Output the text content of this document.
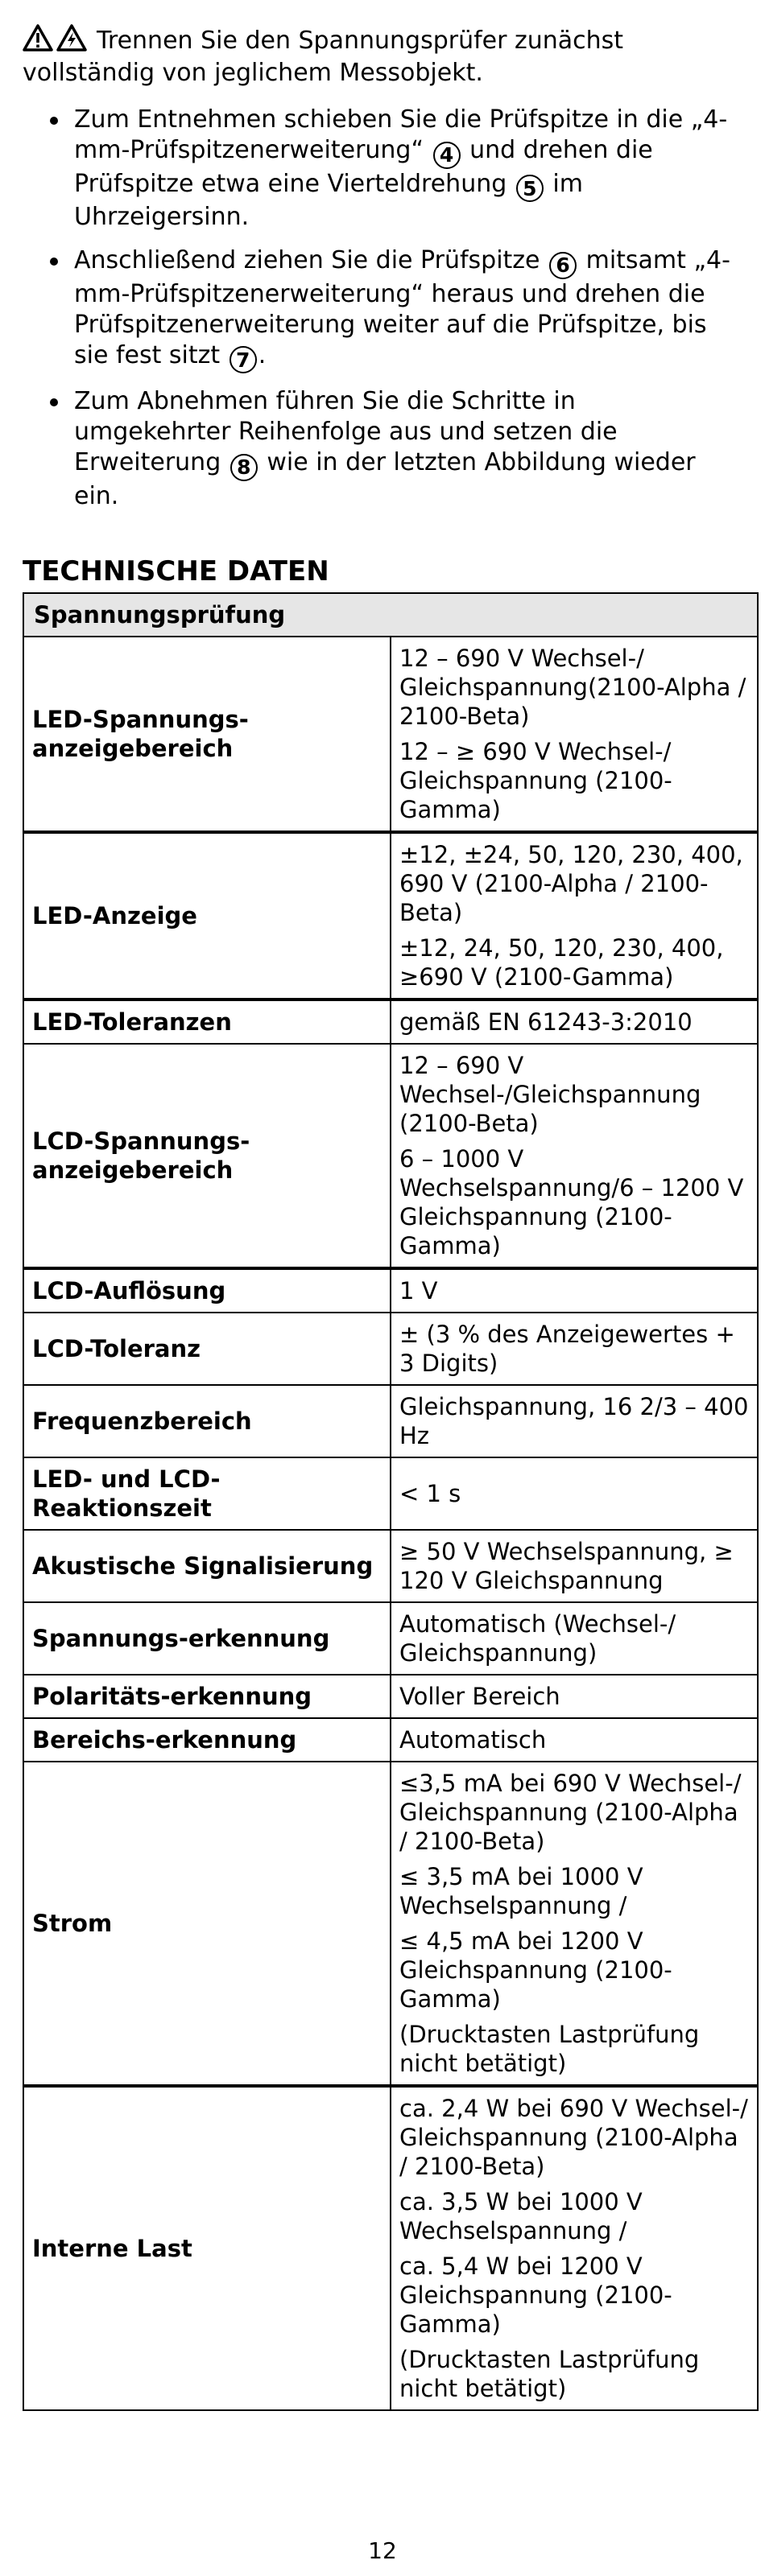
Trennen Sie den Spannungsprüfer zunächst vollständig von jeglichem Messobjekt.
Zum Entnehmen schieben Sie die Prüfspitze in die „4-mm-Prüfspitzenerweiterung“ 4 und drehen die Prüfspitze etwa eine Vierteldrehung 5 im Uhrzeigersinn.
Anschließend ziehen Sie die Prüfspitze 6 mitsamt „4-mm-Prüfspitzenerweiterung“ heraus und drehen die Prüfspitzenerweiterung weiter auf die Prüfspitze, bis sie fest sitzt 7 .
Zum Abnehmen führen Sie die Schritte in umgekehrter Reihenfolge aus und setzen die Erweiterung 8 wie in der letzten Abbildung wieder ein.
TECHNISCHE DATEN
Spannungsprüfung	
LED-Spannungs-anzeigebereich	12 – 690 V Wechsel-/ Gleichspannung(2100-Alpha / 2100-Beta)

12 – ≥ 690 V Wechsel-/ Gleichspannung (2100-Gamma)

LED-Anzeige	±12, ±24, 50, 120, 230, 400, 690 V (2100-Alpha / 2100-Beta)

±12, 24, 50, 120, 230, 400, ≥690 V (2100-Gamma)

LED-Toleranzen	gemäß EN 61243-3:2010

LCD-Spannungs-anzeigebereich	12 – 690 V Wechsel-/Gleichspannung (2100-Beta)

6 – 1000 V Wechselspannung/6 – 1200 V Gleichspannung (2100-Gamma)

LCD-Auflösung	1 V

LCD-Toleranz	± (3 % des Anzeigewertes + 3 Digits)

Frequenzbereich	Gleichspannung, 16 2/3 – 400 Hz

LED- und LCD-Reaktionszeit	< 1 s

Akustische Signalisierung	≥ 50 V Wechselspannung, ≥ 120 V Gleichspannung

Spannungs-erkennung	Automatisch (Wechsel-/ Gleichspannung)

Polaritäts-erkennung	Voller Bereich

Bereichs-erkennung	Automatisch

Strom	≤3,5 mA bei 690 V Wechsel-/ Gleichspannung (2100-Alpha / 2100-Beta)

≤ 3,5 mA bei 1000 V Wechselspannung /

≤ 4,5 mA bei 1200 V Gleichspannung (2100-Gamma)

(Drucktasten Lastprüfung nicht betätigt)

Interne Last	ca. 2,4 W bei 690 V Wechsel-/ Gleichspannung (2100-Alpha / 2100-Beta)

ca. 3,5 W bei 1000 V Wechselspannung /

ca. 5,4 W bei 1200 V Gleichspannung (2100-Gamma)

(Drucktasten Lastprüfung nicht betätigt)

12
